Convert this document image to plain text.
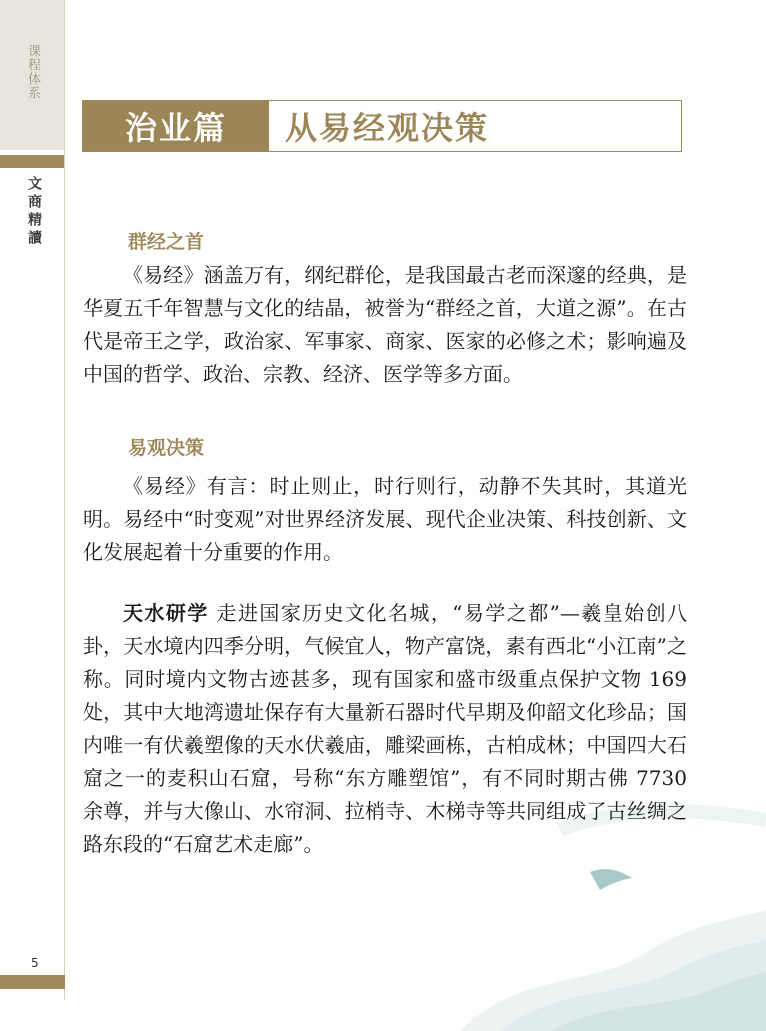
课程体系
文商精讀
治业篇	从易经观决策
群经之首

《易经》涵盖万有，纲纪群伦，是我国最古老而深邃的经典，是华夏五千年智慧与文化的结晶，被誉为“群经之首，大道之源”。在古代是帝王之学，政治家、军事家、商家、医家的必修之术；影响遍及中国的哲学、政治、宗教、经济、医学等多方面。

易观决策

《易经》有言：时止则止，时行则行，动静不失其时，其道光明。易经中“时变观”对世界经济发展、现代企业决策、科技创新、文化发展起着十分重要的作用。

天水研学 走进国家历史文化名城，“易学之都”—羲皇始创八卦，天水境内四季分明，气候宜人，物产富饶，素有西北“小江南”之称。同时境内文物古迹甚多，现有国家和盛市级重点保护文物 169 处，其中大地湾遗址保存有大量新石器时代早期及仰韶文化珍品；国内唯一有伏羲塑像的天水伏羲庙，雕梁画栋，古柏成林；中国四大石窟之一的麦积山石窟，号称“东方雕塑馆”，有不同时期古佛 7730 余尊，并与大像山、水帘洞、拉梢寺、木梯寺等共同组成了古丝绸之路东段的“石窟艺术走廊”。

5
